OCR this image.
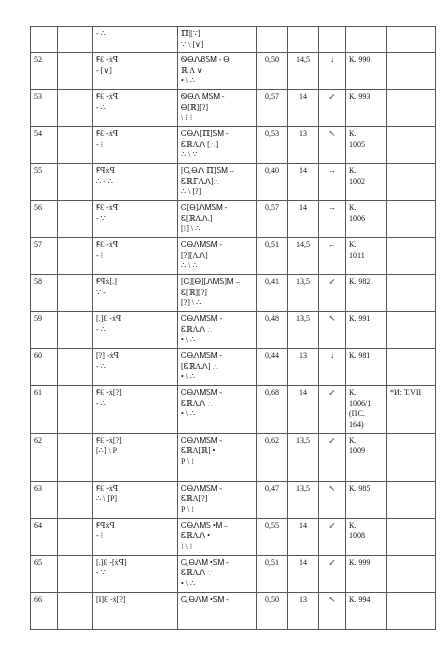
		- ∴	ℿ|[∵]
∵ \ [∨]					

52		ꞘԐ -ẋꟼ
- [∨]	ᏫᎾᏁᏰᏚᎷ - Ꮎ
ℝ Λ ∨
• \ ∴	0,50	14,5	↓	К. 990	

53		ꞘԐ -ẋꟼ
- ∴	ᏫᎾᏁ ᎷᏚᎷ -
Ꮎ[ℝ][?]
\ ⁝ ⁝	0,57	14	↙	К. 993	

54		ꞘԐ -ẋꟼ
- ⁝	ᏟᎾᏁ[ℿ]ᏚᎷ -
ᏋℝΛᏁ [∴]
∴ \ ∵	0,53	13	↖	К.
1005	

55		Ꞙꟼẋꟼ
∴ - ∴	[ᏩᎾᏁ ℿ]ᏚᎷ –
ᏋℝℾΛᏁ]∴
∴ \ [?]	0,40	14	→	К.
1002	

56		ꞘԐ -ẋꟼ
- ∵	Ꮯ[Ꮎ]ᏁᎷᏚᎷ -
Ꮛ[ℝΛᏁ.]
[⁝] \ ∴	0,57	14	→	К.
1006	

57		ꞘԐ -ẋꟼ
- ⁝	ᏟᎾᏁᎷᏚᎷ -
[?][ΛᏁ]
∴ \ ∴	0,51	14,5	←	К.
1011	

58		Ꞙꟼẋ[.]
∵ -	[Ꮯ][Ꮎ][ᏁᎷᏚ]Ꮇ –
Ꮛ[ℝ][?]
[?] \ ∴	0,41	13,5	↙	К. 982	

59		[.]Ԑ -ẋꟼ
- ∴	ᏟᎾᏁᎷᏚᎷ -
ᏋℝΛᏁ ∴
• \ ∴	0,48	13,5	↖	К. 991	

60		[?] -ẋꟼ
- ∴	ᏟᎾᏁᎷᏚᎷ -
[ᏋℝΛᏁ] ∴
• \ ∴	0,44	13	↓	К. 981	

61		ꞘԐ -ẋ[?]
- ∴	ᏟᎾᏁᎷᏚᎷ -
ᏋℝΛᏁ ∴
• \ ∴	0,68	14	↙	К.
1006/1
(ПС.
164)	*И: Т.VII
62		ꞘԐ -ẋ[?]
[∴] \ P	ᏟᎾᏁᎷᏚᎷ -
ᏋℝΛ[ℝ] •
P \ ⁝	0,62	13,5	↙	К.
1009	

63		ꞘԐ -ẋꟼ
∴ \ [P]	ᏟᎾᏁᎷᏚᎷ -
ᏋℝΛ[?]
P \ ⁝	0,47	13,5	↖	К. 985	

64		Ꞙꟼẋꟼ
- ⁝	ᏟᎾᏁᎷᏚ •Ꮇ –
ᏋℝΛᏁ •
⁝ \ ⁝	0,55	14	↙	К.
1008	

65		[.]Ԑ -[ẋꟼ]
- ∵	ᏩᎾᏁᎷ •ᏚᎷ -
ᏋℝΛᏁ ∵
• \ ∴	0,51	14	↙	К. 999	

66		[I]Ԑ -ẋ[?]	ᏩᎾᏁᎷ •ᏚᎷ -	0,50	13	↖	К. 994	
